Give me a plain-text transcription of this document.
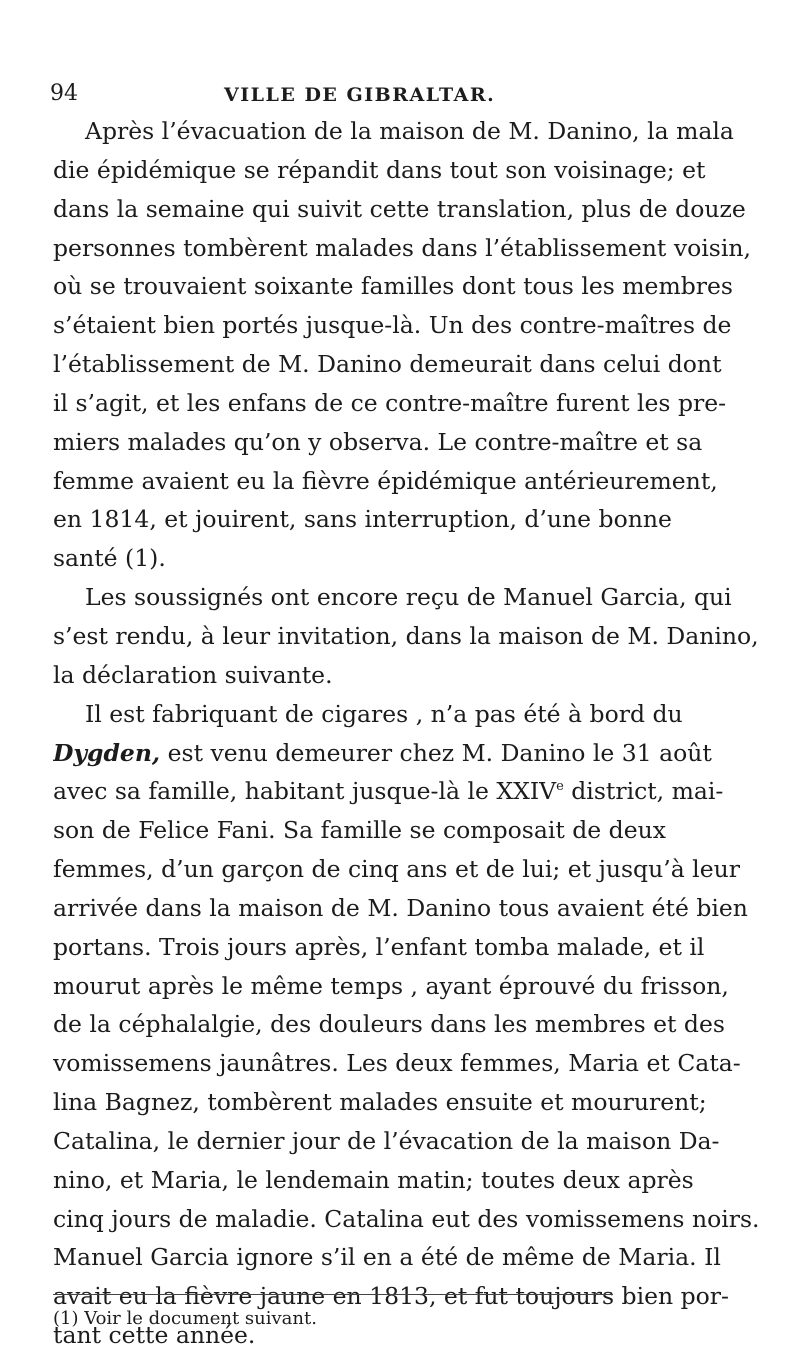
94	VILLE DE GIBRALTAR.
Après l’évacuation de la maison de M. Danino, la mala
die épidémique se répandit dans tout son voisinage; et
dans la semaine qui suivit cette translation, plus de douze
personnes tombèrent malades dans l’établissement voisin,
où se trouvaient soixante familles dont tous les membres
s’étaient bien portés jusque-là. Un des contre-maîtres de
l’établissement de M. Danino demeurait dans celui dont
il s’agit, et les enfans de ce contre-maître furent les pre-
miers malades qu’on y observa. Le contre-maître et sa
femme avaient eu la fièvre épidémique antérieurement,
en 1814, et jouirent, sans interruption, d’une bonne
santé (1).
Les soussignés ont encore reçu de Manuel Garcia, qui
s’est rendu, à leur invitation, dans la maison de M. Danino,
la déclaration suivante.
Il est fabriquant de cigares , n’a pas été à bord du
Dygden, est venu demeurer chez M. Danino le 31 août
avec sa famille, habitant jusque-là le XXIVe district, mai-
son de Felice Fani. Sa famille se composait de deux
femmes, d’un garçon de cinq ans et de lui; et jusqu’à leur
arrivée dans la maison de M. Danino tous avaient été bien
portans. Trois jours après, l’enfant tomba malade, et il
mourut après le même temps , ayant éprouvé du frisson,
de la céphalalgie, des douleurs dans les membres et des
vomissemens jaunâtres. Les deux femmes, Maria et Cata-
lina Bagnez, tombèrent malades ensuite et moururent;
Catalina, le dernier jour de l’évacation de la maison Da-
nino, et Maria, le lendemain matin; toutes deux après
cinq jours de maladie. Catalina eut des vomissemens noirs.
Manuel Garcia ignore s’il en a été de même de Maria. Il
avait eu la fièvre jaune en 1813, et fut toujours bien por-
tant cette année.
(1) Voir le document suivant.
